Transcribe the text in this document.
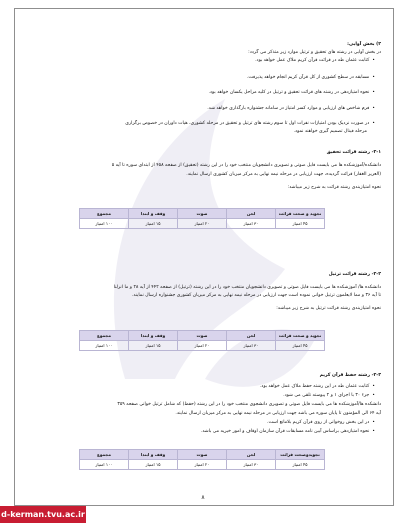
۲) بخش آوایی:
در بخش آوایی در رشته های تحقیق و ترتیل موارد زیر متذکر می گردد:
• کتابت عثمان طه در قرائت قرآن کریم ملاک عمل خواهد بود.
• مسابقه در سطح کشوری از کل قرآن کریم انجام خواهد پذیرفت.
• نحوه امتیازدهی در رشته های قرائت تحقیق و ترتیل در کلیه مراحل یکسان خواهد بود.
• فرم شاخص های ارزیابی و موارد کسر امتیاز در سامانه جشنواره بارگذاری خواهد شد.
• در صورت نزدیک بودن امتیازات نفرات اول تا سوم رشته های ترتیل و تحقیق در مرحله کشوری، هیات داوران در خصوص برگزاری
مرحله فینال تصمیم گیری خواهند نمود.
۲-۱- رشته قرائت تحقیق
دانشکده/آموزشکده ها می بایست فایل صوتی و تصویری دانشجویان منتخب خود را در این رشته (تحقیق) از صفحه ۴۵۸ از ابتدای سوره تا آیه ۵
(العزیز الغفار) قرائت گردیده، جهت ارزیابی در مرحله نیمه نهایی به مرکز میزبان کشوری ارسال نمایند.
نحوه امتیازبندی رشته قرائت به شرح زیر میباشد:
تجوید و صحت قرائت	لحن	صوت	وقف و ابتدا	مجموع
۴۵ امتیاز	۳۰ امتیاز	۲۰ امتیاز	۱۵ امتیاز	۱۰۰ امتیاز
۲-۲- رشته قرائت ترتیل
دانشکده ها/ آموزشکده ها می بایست فایل صوتی و تصویری دانشجویان منتخب خود را در این رشته (ترتیل) از صفحه ۴۴۲ از آیه ۲۸ و ما انزلنا
تا آیه ۳۶ و مما لایعلمون ترتیل خوانی نموده است جهت ارزیابی در مرحله نیمه نهایی به مرکز میزبان کشوری جشنواره ارسال نمایند.
نحوه امتیازبندی رشته قرائت ترتیل به شرح زیر میباشد:
تجوید و صحت قرائت	لحن	صوت	وقف و ابتدا	مجموع
۴۵ امتیاز	۳۰ امتیاز	۲۰ امتیاز	۱۵ امتیاز	۱۰۰ امتیاز
۲-۳- رشته حفظ قرآن کریم
• کتابت عثمان طه در این رشته حفظ ملاک عمل خواهد بود.
• جزء ۳۰ با اجزای ۱ و ۲ پیوسته تلقی می شود.
دانشکده ها/آموزشکده ها می بایست فایل صوتی و تصویری دانشجوی منتخب خود را در این رشته (حفظ) که شامل ترتیل خوانی صفحه ۳۵۹
آیه ۶۴ الی المؤمنون تا پایان سوره می باشد جهت ارزیابی در مرحله نیمه نهایی به مرکز میزبان ارسال نمایند.
• در این بخش روخوانی از روی قرآن کریم بلامانع است.
• نحوه امتیازدهی براساس آیین نامه مسابقات قرآن سازمان اوقاف و امور خیریه می باشد.
تجویدوصحت قرائت	لحن	صوت	وقف و ابتدا	مجموع
۴۵ امتیاز	۳۰ امتیاز	۲۰ امتیاز	۱۵ امتیاز	۱۰۰ امتیاز
۸
d-kerman.tvu.ac.ir
